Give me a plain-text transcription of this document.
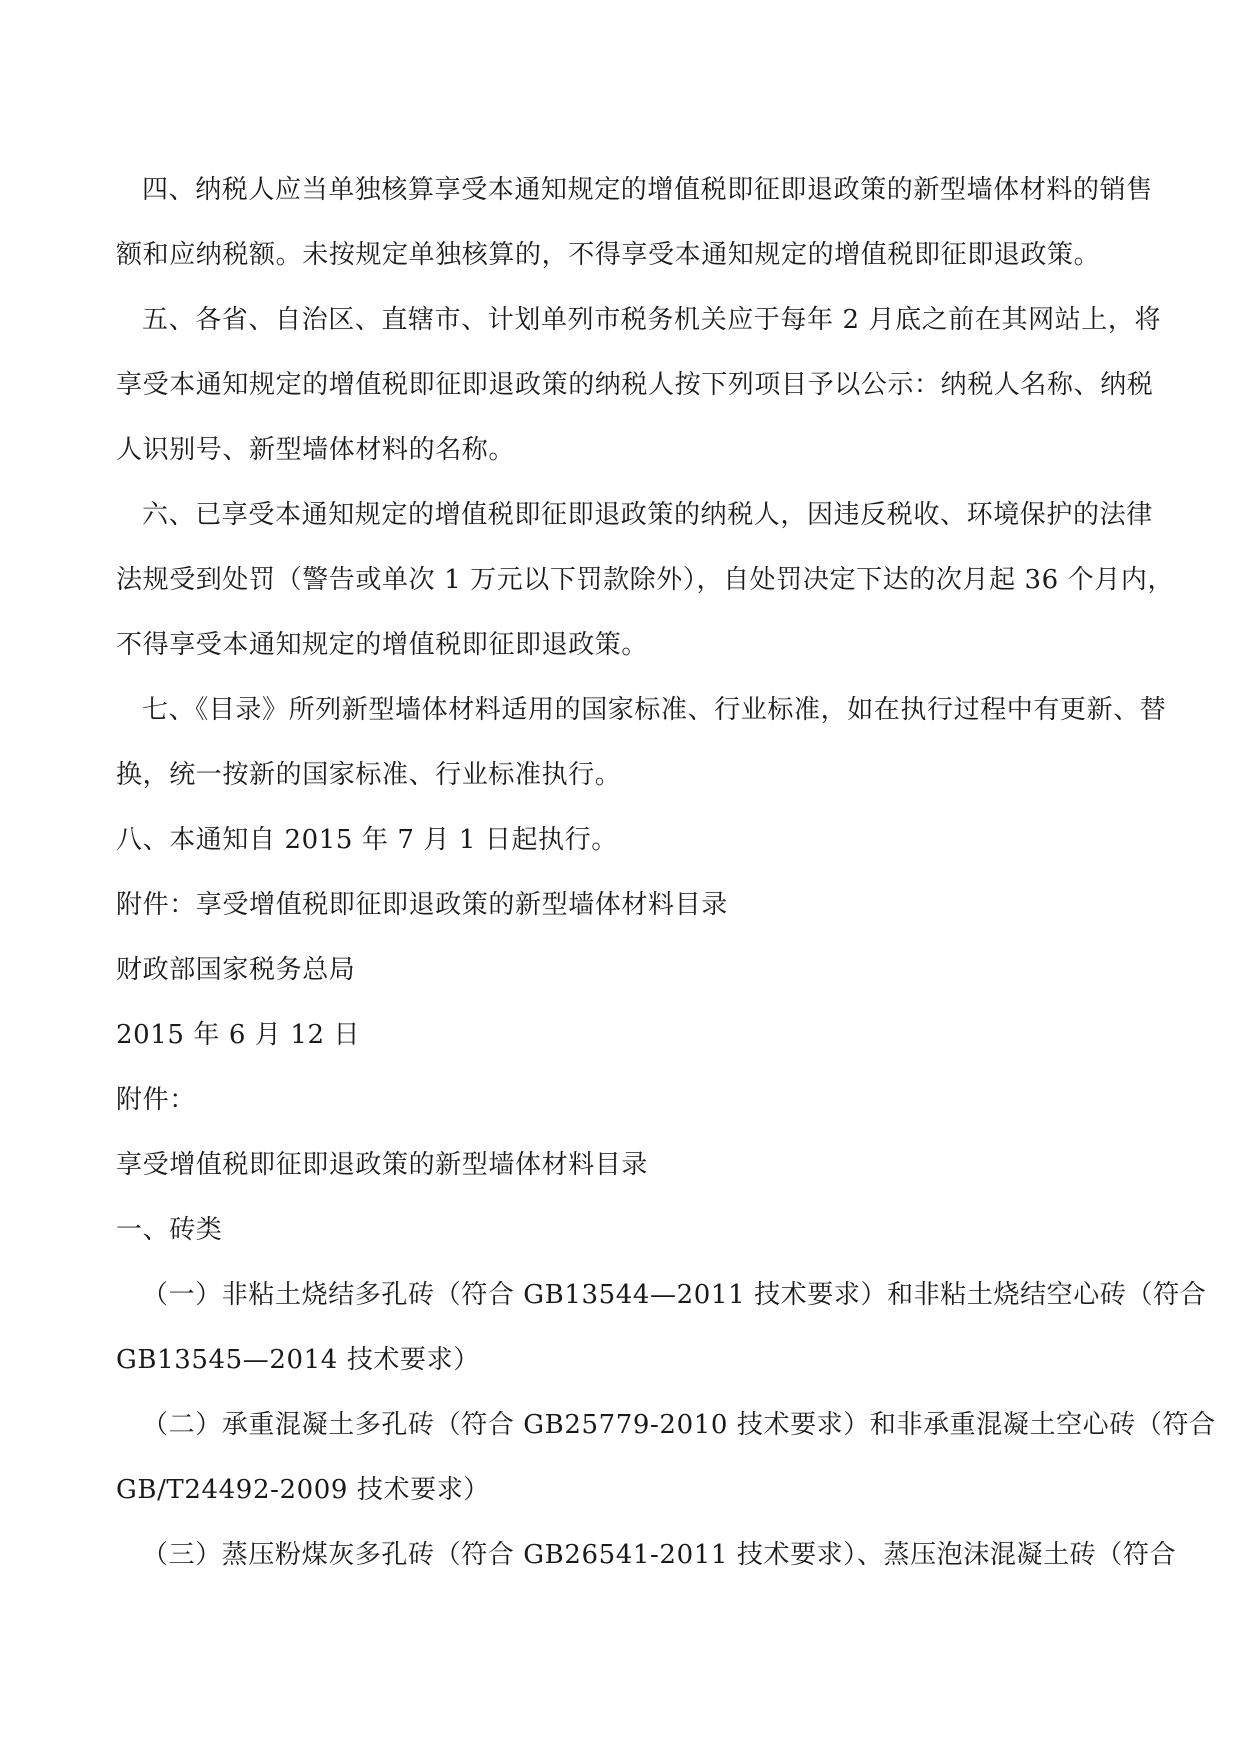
四、纳税人应当单独核算享受本通知规定的增值税即征即退政策的新型墙体材料的销售
额和应纳税额。未按规定单独核算的，不得享受本通知规定的增值税即征即退政策。
五、各省、自治区、直辖市、计划单列市税务机关应于每年 2 月底之前在其网站上，将
享受本通知规定的增值税即征即退政策的纳税人按下列项目予以公示：纳税人名称、纳税
人识别号、新型墙体材料的名称。
六、已享受本通知规定的增值税即征即退政策的纳税人，因违反税收、环境保护的法律
法规受到处罚（警告或单次 1 万元以下罚款除外），自处罚决定下达的次月起 36 个月内，
不得享受本通知规定的增值税即征即退政策。
七、《目录》所列新型墙体材料适用的国家标准、行业标准，如在执行过程中有更新、替
换，统一按新的国家标准、行业标准执行。

八、本通知自 2015 年 7 月 1 日起执行。

附件：享受增值税即征即退政策的新型墙体材料目录

财政部国家税务总局

2015 年 6 月 12 日

附件：

享受增值税即征即退政策的新型墙体材料目录

一、砖类

（一）非粘土烧结多孔砖（符合 GB13544—2011 技术要求）和非粘土烧结空心砖（符合
GB13545—2014 技术要求）
（二）承重混凝土多孔砖（符合 GB25779-2010 技术要求）和非承重混凝土空心砖（符合
GB/T24492-2009 技术要求）
（三）蒸压粉煤灰多孔砖（符合 GB26541-2011 技术要求）、蒸压泡沫混凝土砖（符合
